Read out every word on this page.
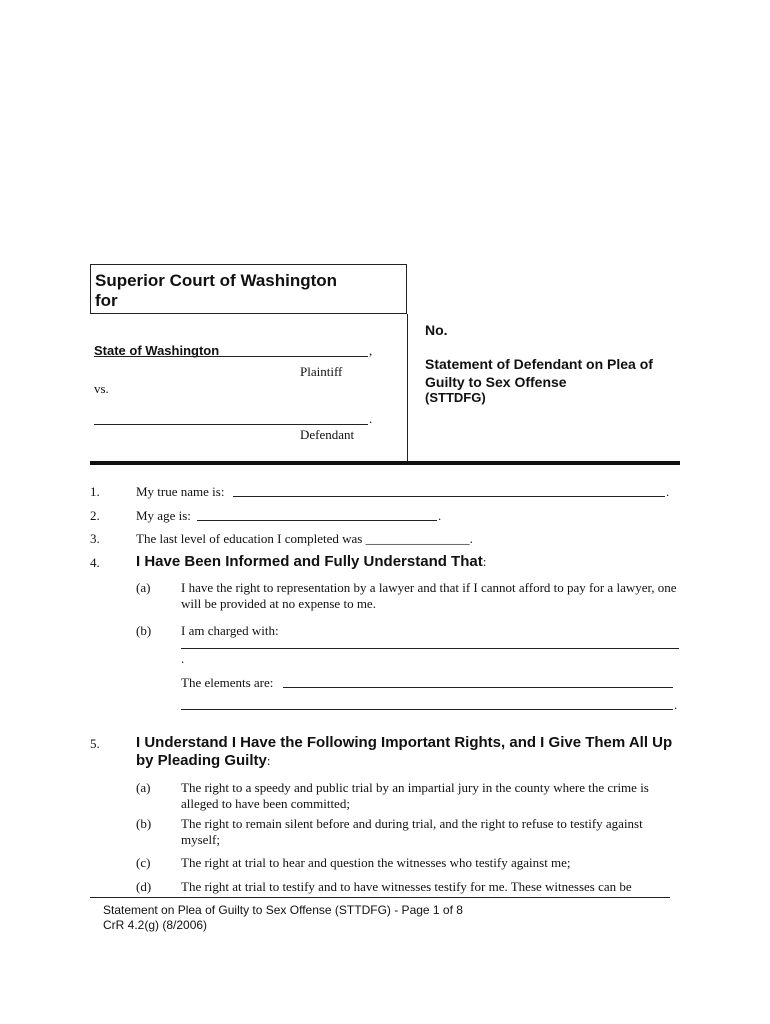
Superior Court of Washington
for
State of Washington	,
Plaintiff
vs.
.
Defendant
No.
Statement of Defendant on Plea of
Guilty to Sex Offense
(STTDFG)
1.	My true name is:	.
2.	My age is:	.
3.	The last level of education I completed was ________________.
4.	I Have Been Informed and Fully Understand That:
(a) I have the right to representation by a lawyer and that if I cannot afford to pay for a lawyer, one will be provided at no expense to me.
(b) I am charged with:
.
The elements are:
.
5.	I Understand I Have the Following Important Rights, and I Give Them All Up by Pleading Guilty:
(a) The right to a speedy and public trial by an impartial jury in the county where the crime is alleged to have been committed;
(b) The right to remain silent before and during trial, and the right to refuse to testify against myself;
(c) The right at trial to hear and question the witnesses who testify against me;
(d) The right at trial to testify and to have witnesses testify for me. These witnesses can be
Statement on Plea of Guilty to Sex Offense (STTDFG) - Page 1 of 8
CrR 4.2(g) (8/2006)
